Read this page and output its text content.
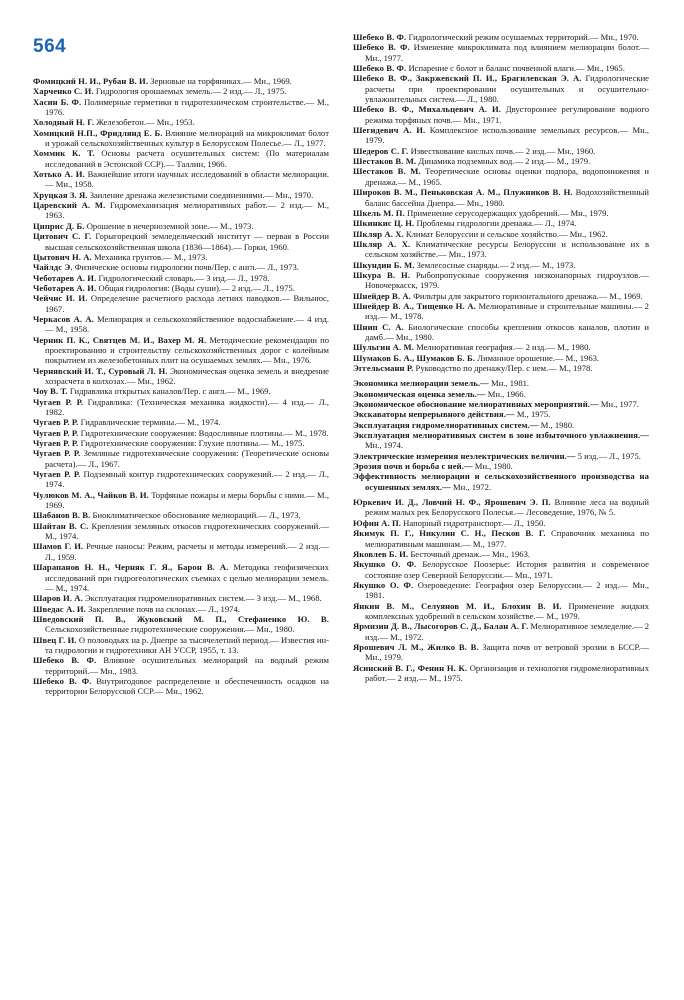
564

Фомицкий Н. И., Рубан В. И. Зерновые на торфяниках.— Мн., 1969.

Харченко С. И. Гидрология орошаемых земель.— 2 изд.— Л., 1975.

Хасин Б. Ф. Полимерные герметики в гидротехническом строительстве.— М., 1976.

Холодный Н. Г. Железобетон.— Мн., 1953.

Хомицкий Н.П., Фридлянд Е. Б. Влияние мелиораций на микроклимат болот и урожай сельскохозяйственных культур в Белорусском Полесье.— Л., 1977.

Хоммик К. Т. Основы расчета осушительных систем: (По материалам исследований в Эстонской ССР).— Таллин, 1966.

Хотько А. И. Важнейшие итоги научных исследований в области мелиорации.— Мн., 1958.

Хруцкая З. Я. Заиление дренажа железистыми соединениями.— Мн., 1970.

Царевский А. М. Гидромеханизация мелиоративных работ.— 2 изд.— М., 1963.

Циприс Д. Б. Орошение в нечерноземной зоне.— М., 1973.

Цитович С. Г. Горыгорецкий земледельческий институт — первая в России высшая сельскохозяйственная школа (1836—1864).— Горки, 1960.

Цытович Н. А. Механика грунтов.— М., 1973.

Чайлдс Э. Физические основы гидрологии почв/Пер. с англ.— Л., 1973.

Чеботарев А. И. Гидрологический словарь.— 3 изд.— Л., 1978.

Чеботарев А. И. Общая гидрология: (Воды суши).— 2 изд.— Л., 1975.

Чейчис И. И. Определение расчетного расхода летних паводков.— Вильнюс, 1967.

Черкасов А. А. Мелиорация и сельскохозяйственное водоснабжение.— 4 изд.— М., 1958.

Черник П. К., Святцев М. И., Вахер М. Я. Методические рекомендации по проектированию и строительству сельскохозяйственных дорог с колейным покрытием из железобетонных плит на осушаемых землях.— Мн., 1976.

Чернявский И. Т., Суровый Л. Н. Экономическая оценка земель и внедрение хозрасчета в колхозах.— Мн., 1962.

Чоу В. Т. Гидравлика открытых каналов/Пер. с англ.— М., 1969.

Чугаев Р. Р. Гидравлика: (Техническая механика жидкости).— 4 изд.— Л., 1982.

Чугаев Р. Р. Гидравлические термины.— М., 1974.

Чугаев Р. Р. Гидротехнические сооружения: Водосливные плотины.— М., 1978.

Чугаев Р. Р. Гидротехнические сооружения: Глухие плотины.— М., 1975.

Чугаев Р. Р. Земляные гидротехнические сооружения: (Теоретические основы расчета).— Л., 1967.

Чугаев Р. Р. Подземный контур гидротехнических сооружений.— 2 изд.— Л., 1974.

Чулюков М. А., Чайков В. И. Торфяные пожары и меры борьбы с ними.— М., 1969.

Шабанов В. В. Биоклиматическое обоснование мелиораций.— Л., 1973.

Шайтан В. С. Крепления земляных откосов гидротехнических сооружений.— М., 1974.

Шамов Г. И. Речные наносы: Режим, расчеты и методы измерений.— 2 изд.— Л., 1959.

Шарапанов Н. Н., Черняк Г. Я., Барон В. А. Методика геофизических исследований при гидрогеологических съемках с целью мелиорации земель.— М., 1974.

Шаров И. А. Эксплуатация гидромелиоративных систем.— 3 изд.— М., 1968.

Шведас А. И. Закрепление почв на склонах.— Л., 1974.

Шведовский П. В., Жуковский М. П., Стефаненко Ю. В. Сельскохозяйственные гидротехнические сооружения.— Мн., 1980.

Швец Г. И. О половодьях на р. Днепре за тысячелетний период.— Известия ин-та гидрологии и гидротехники АН УССР, 1955, т. 13.

Шебеко В. Ф. Влияние осушительных мелиораций на водный режим территорий.— Мн., 1983.

Шебеко В. Ф. Внутригодовое распределение и обеспеченность осадков на территории Белорусской ССР.— Мн., 1962.

Шебеко В. Ф. Гидрологический режим осушаемых территорий.— Мн., 1970.

Шебеко В. Ф. Изменение микроклимата под влиянием мелиорации болот.— Мн., 1977.

Шебеко В. Ф. Испарение с болот и баланс почвенной влаги.— Мн., 1965.

Шебеко В. Ф., Закржевский П. И., Брагилевская Э. А. Гидрологические расчеты при проектировании осушительных и осушительно-увлажнительных систем.— Л., 1980.

Шебеко В. Ф., Михальцевич А. И. Двустороннее регулирование водного режима торфяных почв.— Мн., 1971.

Шегидевич А. И. Комплексное использование земельных ресурсов.— Мн., 1979.

Шедеров С. Г. Известкование кислых почв.— 2 изд.— Мн., 1960.

Шестаков В. М. Динамика подземных вод.— 2 изд.— М., 1979.

Шестаков В. М. Теоретические основы оценки подпора, водопонижения и дренажа.— М., 1965.

Широков В. М., Пеньковская А. М., Плужников В. Н. Водохозяйственный баланс бассейна Днепра.— Мн., 1980.

Шкель М. П. Применение серусодержащих удобрений.— Мн., 1979.

Шкинкис Ц. Н. Проблемы гидрологии дренажа.— Л., 1974.

Шкляр А. Х. Климат Белоруссии и сельское хозяйство.— Мн., 1962.

Шкляр А. Х. Климатические ресурсы Белоруссии и использование их в сельском хозяйстве.— Мн., 1973.

Шкундин Б. М. Землесосные снаряды.— 2 изд.— М., 1973.

Шкура В. Н. Рыбопропускные сооружения низконапорных гидроузлов.— Новочеркасск, 1979.

Шнейдер В. А. Фильтры для закрытого горизонтального дренажа.— М., 1969.

Шнейдер В. А., Тищенко Н. А. Мелиоративные и строительные машины.— 2 изд.— М., 1978.

Шнип С. А. Биологические способы крепления откосов каналов, плотин и дамб.— Мн., 1980.

Шульгин А. М. Мелиоративная география.— 2 изд.— М., 1980.

Шумаков Б. А., Шумаков Б. Б. Лиманное орошение.— М., 1963.

Эггельсманн Р. Руководство по дренажу/Пер. с нем.— М., 1978.

Экономика мелиорации земель.— Мн., 1981.

Экономическая оценка земель.— Мн., 1966.

Экономическое обоснование мелиоративных мероприятий.— Мн., 1977.

Экскаваторы непрерывного действия.— М., 1975.

Эксплуатация гидромелиоративных систем.— М., 1980.

Эксплуатация мелиоративных систем в зоне избыточного увлажнения.— Мн., 1974.

Электрические измерения неэлектрических величин.— 5 изд.— Л., 1975.

Эрозия почв и борьба с ней.— Мн., 1980.

Эффективность мелиорации и сельскохозяйственного производства на осушенных землях.— Мн., 1972.

Юркевич И. Д., Ловчий Н. Ф., Ярошевич Э. П. Влияние леса на водный режим малых рек Белорусского Полесья.— Лесоведение, 1976, № 5.

Юфин А. П. Напорный гидротранспорт.— Л., 1950.

Якимук П. Г., Никулин С. Н., Песков В. Г. Справочник механика по мелиоративным машинам.— М., 1977.

Яковлев Б. И. Бесточный дренаж.— Мн., 1963.

Якушко О. Ф. Белорусское Поозерье: История развития и современное состояние озер Северной Белоруссии.— Мн., 1971.

Якушко О. Ф. Озероведение: География озер Белоруссии.— 2 изд.— Мн., 1981.

Янкин В. М., Селуянов М. И., Блохин В. И. Применение жидких комплексных удобрений в сельском хозяйстве.— М., 1979.

Ярмизин Д. В., Лысогоров С. Д., Балан А. Г. Мелиоративное земледелие.— 2 изд.— М., 1972.

Ярошевич Л. М., Жилко В. В. Защита почв от ветровой эрозии в БССР.— Мн., 1979.

Ясинский В. Г., Фенин Н. К. Организация и технология гидромелиоративных работ.— 2 изд.— М., 1975.
